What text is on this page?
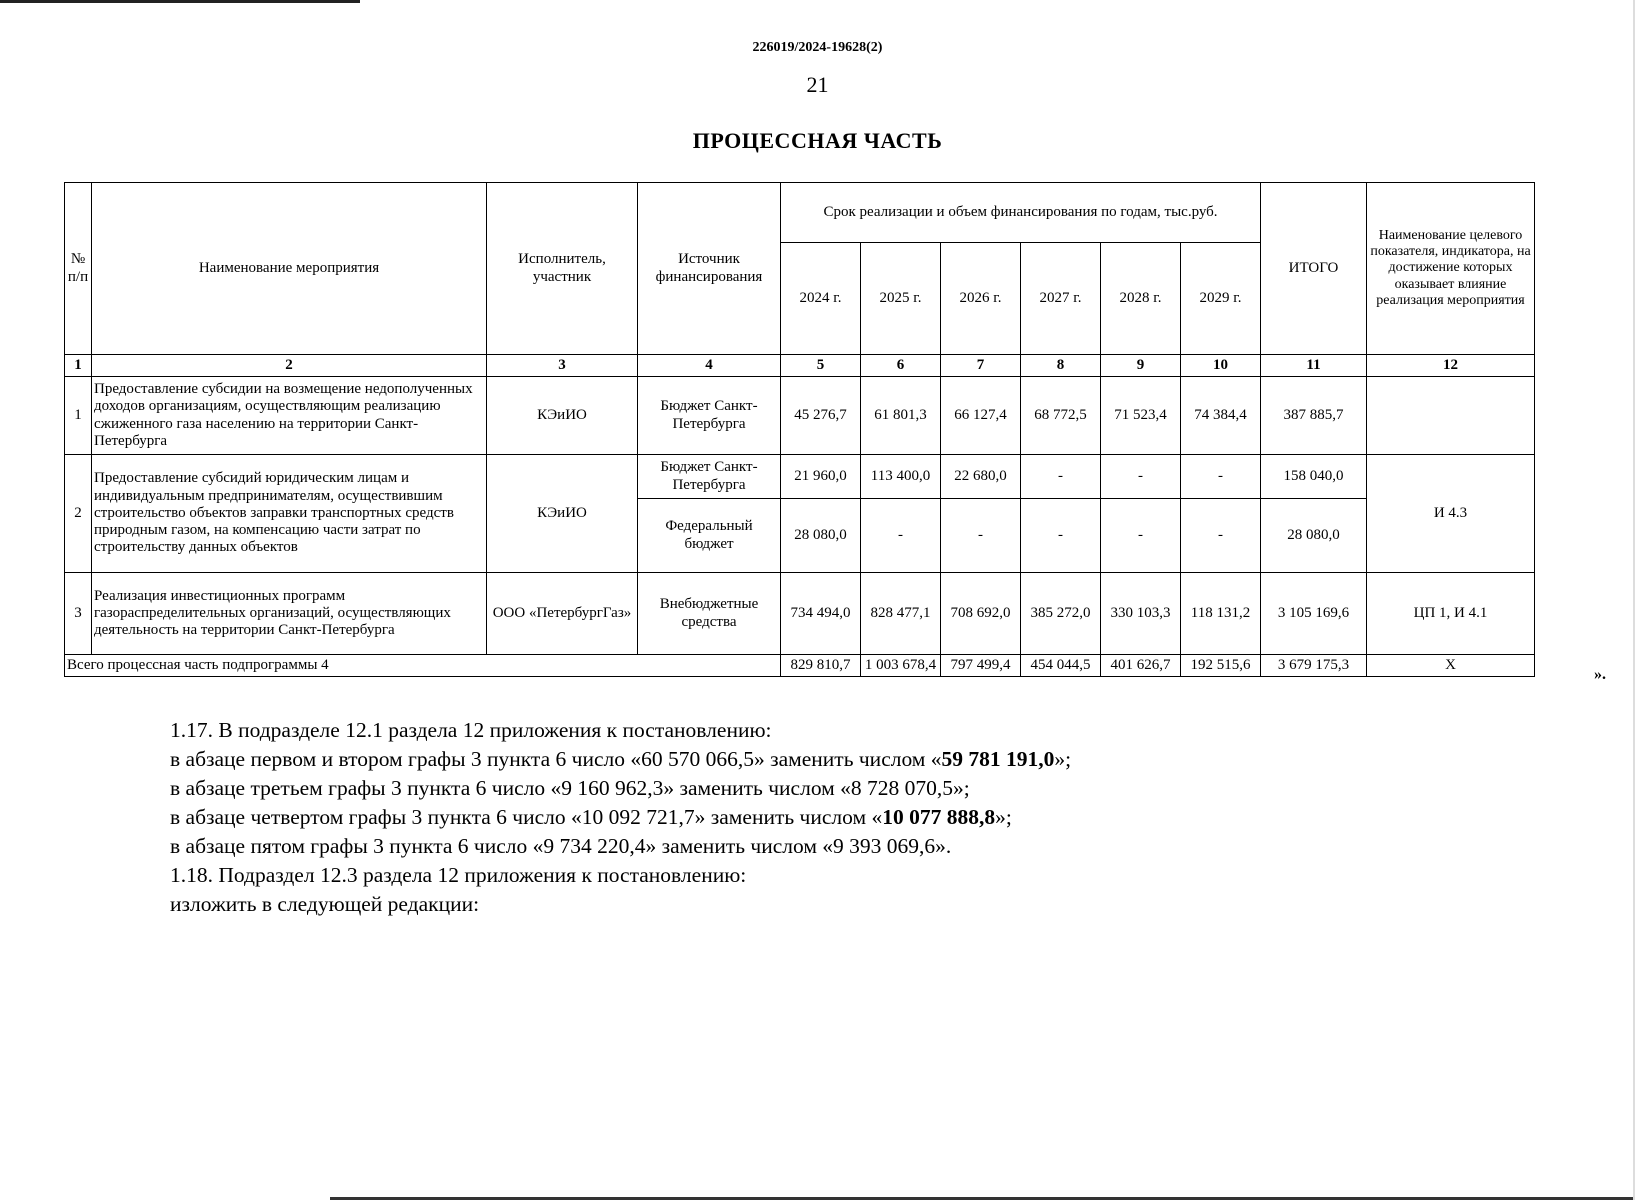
226019/2024-19628(2)
21
ПРОЦЕССНАЯ ЧАСТЬ
№ п/п	Наименование мероприятия	Исполнитель, участник	Источник финансирования	Срок реализации и объем финансирования по годам, тыс.руб.						ИТОГО	Наименование целевого показателя, индикатора, на достижение которых оказывает влияние реализация мероприятия
				2024 г.	2025 г.	2026 г.	2027 г.	2028 г.	2029 г.		
1	2	3	4	5	6	7	8	9	10	11	12
1	Предоставление субсидии на возмещение недополученных доходов организациям, осуществляющим реализацию сжиженного газа населению на территории Санкт-Петербурга	КЭиИО	Бюджет Санкт-Петербурга	45 276,7	61 801,3	66 127,4	68 772,5	71 523,4	74 384,4	387 885,7	
2	Предоставление субсидий юридическим лицам и индивидуальным предпринимателям, осуществившим строительство объектов заправки транспортных средств природным газом, на компенсацию части затрат по строительству данных объектов	КЭиИО	Бюджет Санкт-Петербурга	21 960,0	113 400,0	22 680,0	-	-	-	158 040,0	И 4.3
			Федеральный бюджет	28 080,0	-	-	-	-	-	28 080,0	
3	Реализация инвестиционных программ газораспределительных организаций, осуществляющих деятельность на территории Санкт-Петербурга	ООО «ПетербургГаз»	Внебюджетные средства	734 494,0	828 477,1	708 692,0	385 272,0	330 103,3	118 131,2	3 105 169,6	ЦП 1, И 4.1
Всего процессная часть подпрограммы 4				829 810,7	1 003 678,4	797 499,4	454 044,5	401 626,7	192 515,6	3 679 175,3	Х
».

1.17. В подразделе 12.1 раздела 12 приложения к постановлению:

в абзаце первом и втором графы 3 пункта 6 число «60 570 066,5» заменить числом «59 781 191,0»;

в абзаце третьем графы 3 пункта 6 число «9 160 962,3» заменить числом «8 728 070,5»;

в абзаце четвертом графы 3 пункта 6 число «10 092 721,7» заменить числом «10 077 888,8»;

в абзаце пятом графы 3 пункта 6 число «9 734 220,4» заменить числом «9 393 069,6».

1.18. Подраздел 12.3 раздела 12 приложения к постановлению:

изложить в следующей редакции:
